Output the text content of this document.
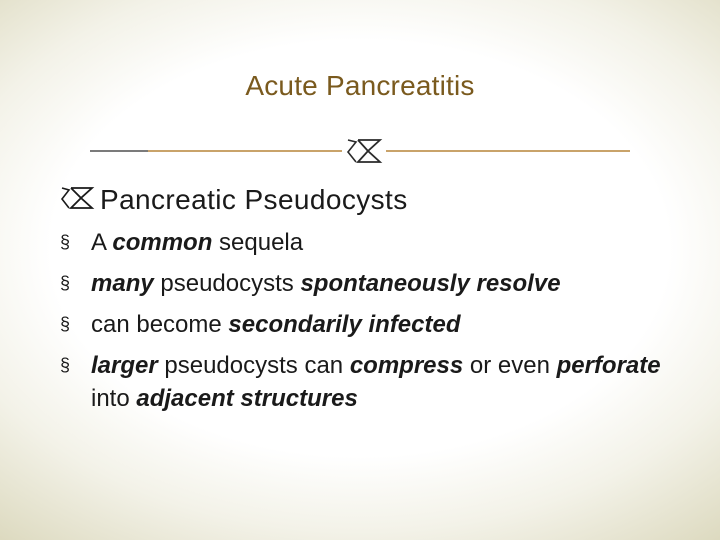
Acute Pancreatitis
Pancreatic Pseudocysts
§ A common sequela
§ many pseudocysts spontaneously resolve
§ can become secondarily infected
§ larger pseudocysts can compress or even perforate into adjacent structures
